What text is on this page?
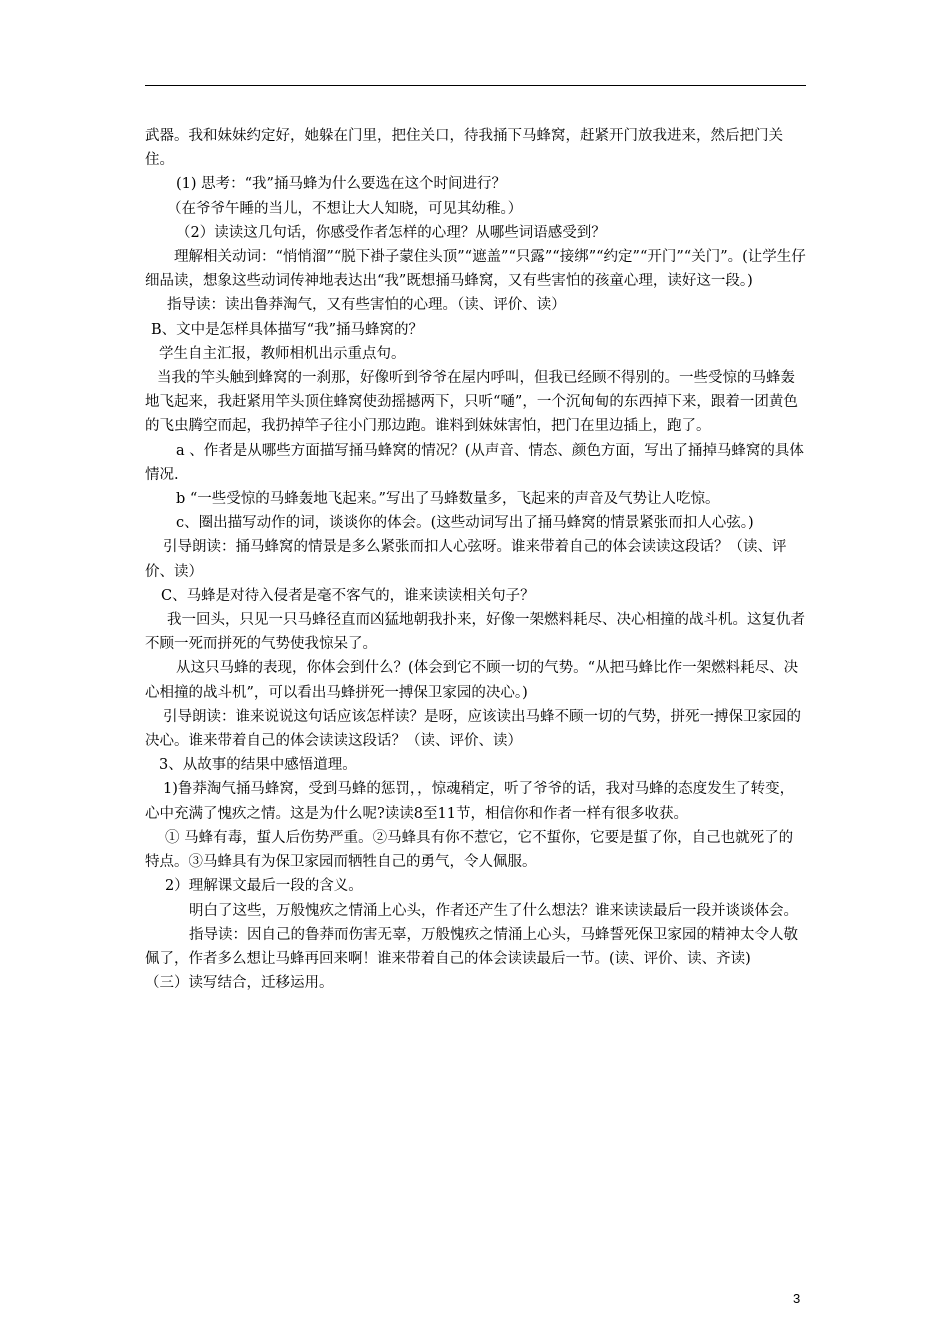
武器。我和妹妹约定好，她躲在门里，把住关口，待我捅下马蜂窝，赶紧开门放我进来，然后把门关住。

(1) 思考：“我”捅马蜂为什么要选在这个时间进行？

（在爷爷午睡的当儿，不想让大人知晓，可见其幼稚。）

（2）读读这几句话，你感受作者怎样的心理？从哪些词语感受到？

理解相关动词：“悄悄溜”“脱下褂子蒙住头顶”“遮盖”“只露”“接绑”“约定”“开门”“关门”。(让学生仔细品读，想象这些动词传神地表达出“我”既想捅马蜂窝，又有些害怕的孩童心理，读好这一段。)

指导读：读出鲁莽淘气，又有些害怕的心理。（读、评价、读）

B、文中是怎样具体描写“我”捅马蜂窝的？

学生自主汇报，教师相机出示重点句。

当我的竿头触到蜂窝的一刹那，好像听到爷爷在屋内呼叫，但我已经顾不得别的。一些受惊的马蜂轰地飞起来，我赶紧用竿头顶住蜂窝使劲摇撼两下，只听“嗵”，一个沉甸甸的东西掉下来，跟着一团黄色的飞虫腾空而起，我扔掉竿子往小门那边跑。谁料到妹妹害怕，把门在里边插上，跑了。

a 、作者是从哪些方面描写捅马蜂窝的情况？(从声音、情态、颜色方面，写出了捅掉马蜂窝的具体情况.

b “一些受惊的马蜂轰地飞起来。”写出了马蜂数量多，飞起来的声音及气势让人吃惊。

c、圈出描写动作的词，谈谈你的体会。(这些动词写出了捅马蜂窝的情景紧张而扣人心弦。)

引导朗读：捅马蜂窝的情景是多么紧张而扣人心弦呀。谁来带着自己的体会读读这段话？（读、评价、读）

C、马蜂是对待入侵者是毫不客气的，谁来读读相关句子？

我一回头，只见一只马蜂径直而凶猛地朝我扑来，好像一架燃料耗尽、决心相撞的战斗机。这复仇者不顾一死而拼死的气势使我惊呆了。

从这只马蜂的表现，你体会到什么？(体会到它不顾一切的气势。“从把马蜂比作一架燃料耗尽、决心相撞的战斗机”，可以看出马蜂拼死一搏保卫家园的决心。)

引导朗读：谁来说说这句话应该怎样读？是呀，应该读出马蜂不顾一切的气势，拼死一搏保卫家园的决心。谁来带着自己的体会读读这段话？（读、评价、读）

3、从故事的结果中感悟道理。

1)鲁莽淘气捅马蜂窝，受到马蜂的惩罚，，惊魂稍定，听了爷爷的话，我对马蜂的态度发生了转变，心中充满了愧疚之情。这是为什么呢?读读8至11节，相信你和作者一样有很多收获。

① 马蜂有毒，蜇人后伤势严重。②马蜂具有你不惹它，它不蜇你，它要是蜇了你，自己也就死了的特点。③马蜂具有为保卫家园而牺牲自己的勇气，令人佩服。

2）理解课文最后一段的含义。

明白了这些，万般愧疚之情涌上心头，作者还产生了什么想法？谁来读读最后一段并谈谈体会。

指导读：因自己的鲁莽而伤害无辜，万般愧疚之情涌上心头，马蜂誓死保卫家园的精神太令人敬佩了，作者多么想让马蜂再回来啊！谁来带着自己的体会读读最后一节。(读、评价、读、齐读)

（三）读写结合，迁移运用。

3
